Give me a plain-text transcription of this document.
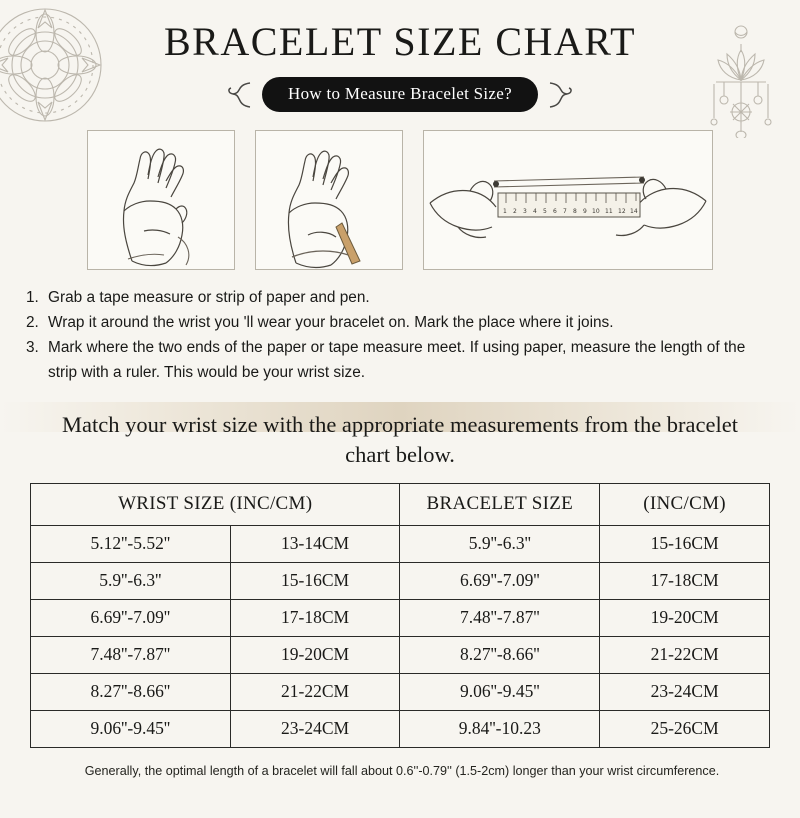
BRACELET SIZE CHART
How to Measure Bracelet Size?
1 2 3 4 5 6 7 8 9 10 11 12 14
1. Grab a tape measure or strip of paper and pen.
2. Wrap it around the wrist you 'll wear your bracelet on. Mark the place where it joins.
3. Mark where the two ends of the paper or tape measure meet. If using paper, measure the length of the strip with a ruler. This would be your wrist size.
Match your wrist size with the appropriate measurements from the bracelet chart below.
WRIST SIZE (INC/CM)		BRACELET SIZE	(INC/CM)
5.12''-5.52''	13-14CM	5.9''-6.3''	15-16CM
5.9''-6.3''	15-16CM	6.69''-7.09''	17-18CM
6.69''-7.09''	17-18CM	7.48''-7.87''	19-20CM
7.48''-7.87''	19-20CM	8.27''-8.66''	21-22CM
8.27''-8.66''	21-22CM	9.06''-9.45''	23-24CM
9.06''-9.45''	23-24CM	9.84''-10.23	25-26CM
Generally, the optimal length of a bracelet will fall about 0.6''-0.79'' (1.5-2cm) longer than your wrist circumference.
